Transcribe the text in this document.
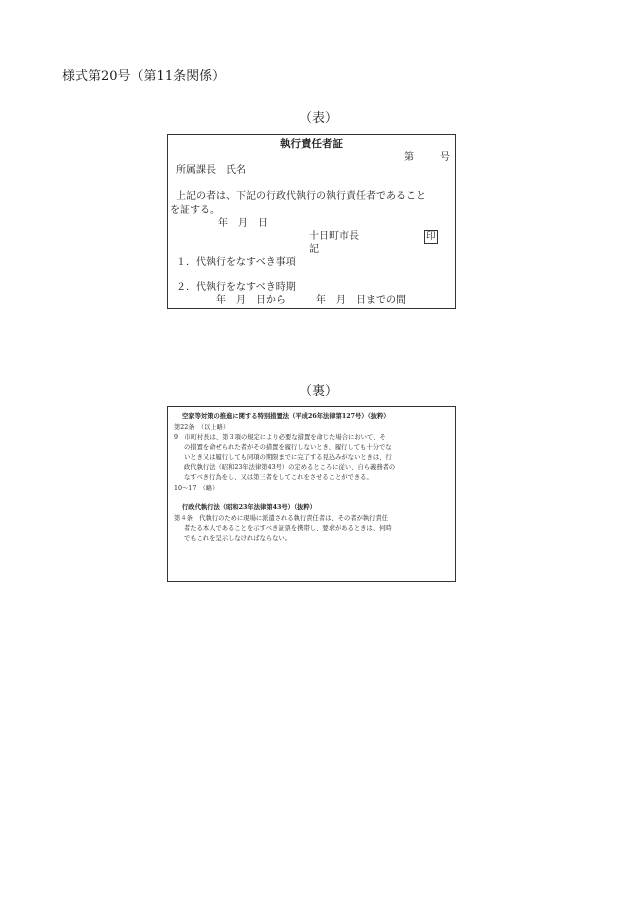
様式第20号（第11条関係）
（表）
執行責任者証
第	号
所属課長　氏名
上記の者は、下記の行政代執行の執行責任者であること
を証する。
年　月　日
十日町市長	印
記
１．代執行をなすべき事項
２．代執行をなすべき時期
年　月　日から　　　年　月　日までの間
（裏）
空家等対策の推進に関する特別措置法（平成26年法律第127号）（抜粋）
第22条　（以上略）
9　市町村長は、第３項の規定により必要な措置を命じた場合において、そ
の措置を命ぜられた者がその措置を履行しないとき、履行しても十分でな
いとき又は履行しても同項の期限までに完了する見込みがないときは、行
政代執行法（昭和23年法律第43号）の定めるところに従い、自ら義務者の
なすべき行為をし、又は第三者をしてこれをさせることができる。
10～17　（略）
行政代執行法（昭和23年法律第43号）（抜粋）
第４条　代執行のために現場に派遣される執行責任者は、その者が執行責任
者たる本人であることを示すべき証票を携帯し、要求があるときは、何時
でもこれを呈示しなければならない。
